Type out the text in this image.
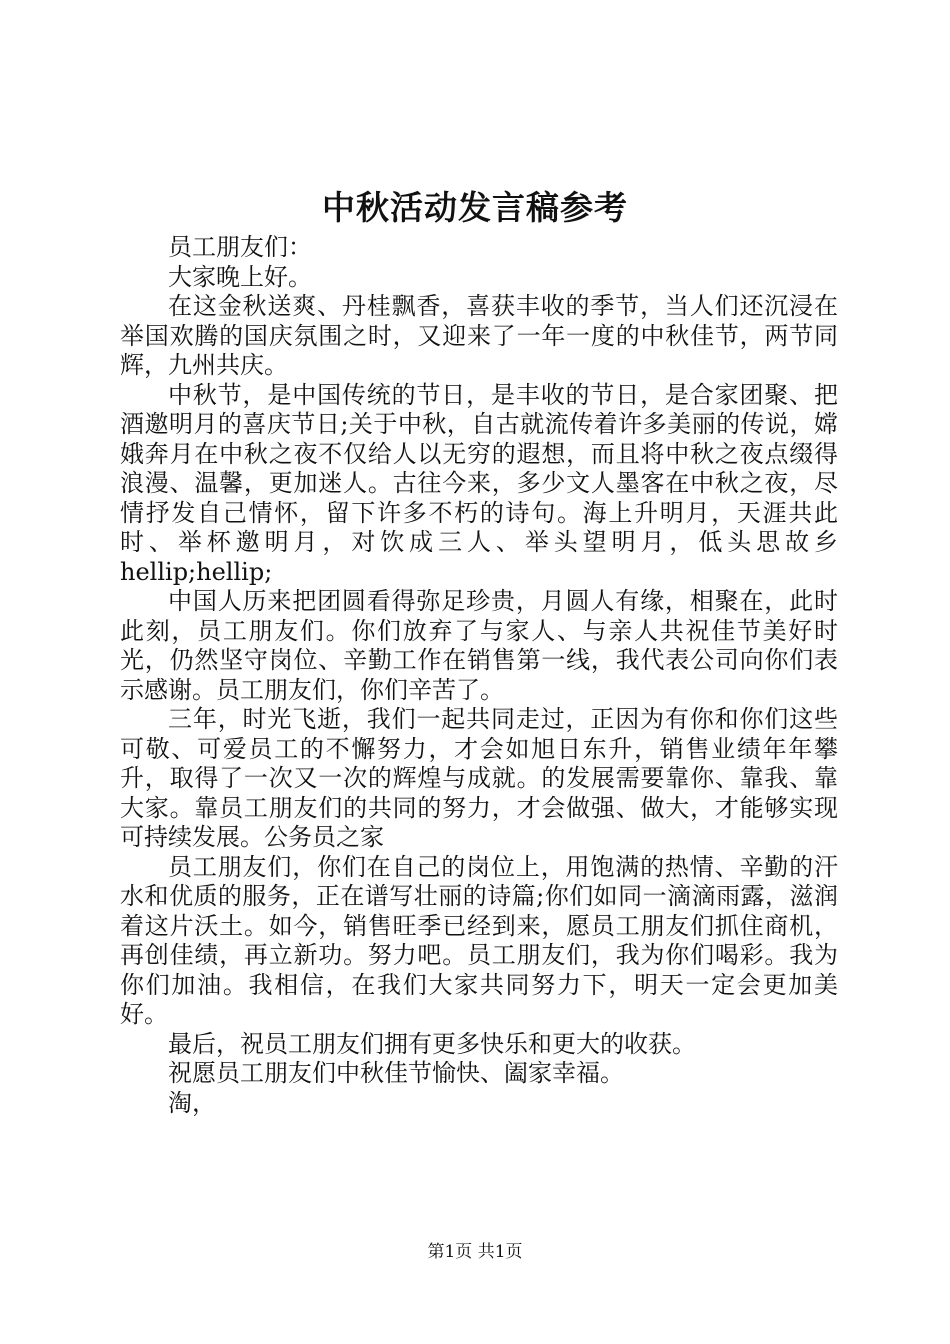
中秋活动发言稿参考

员工朋友们：

大家晚上好。

在这金秋送爽、丹桂飘香，喜获丰收的季节，当人们还沉浸在举国欢腾的国庆氛围之时，又迎来了一年一度的中秋佳节，两节同辉，九州共庆。

中秋节，是中国传统的节日，是丰收的节日，是合家团聚、把酒邀明月的喜庆节日;关于中秋，自古就流传着许多美丽的传说，嫦娥奔月在中秋之夜不仅给人以无穷的遐想，而且将中秋之夜点缀得浪漫、温馨，更加迷人。古往今来，多少文人墨客在中秋之夜，尽情抒发自己情怀，留下许多不朽的诗句。海上升明月，天涯共此时、举杯邀明月，对饮成三人、举头望明月，低头思故乡hellip;hellip;

中国人历来把团圆看得弥足珍贵，月圆人有缘，相聚在，此时此刻，员工朋友们。你们放弃了与家人、与亲人共祝佳节美好时光，仍然坚守岗位、辛勤工作在销售第一线，我代表公司向你们表示感谢。员工朋友们，你们辛苦了。

三年，时光飞逝，我们一起共同走过，正因为有你和你们这些可敬、可爱员工的不懈努力，才会如旭日东升，销售业绩年年攀升，取得了一次又一次的辉煌与成就。的发展需要靠你、靠我、靠大家。靠员工朋友们的共同的努力，才会做强、做大，才能够实现可持续发展。公务员之家

员工朋友们，你们在自己的岗位上，用饱满的热情、辛勤的汗水和优质的服务，正在谱写壮丽的诗篇;你们如同一滴滴雨露，滋润着这片沃土。如今，销售旺季已经到来，愿员工朋友们抓住商机，再创佳绩，再立新功。努力吧。员工朋友们，我为你们喝彩。我为你们加油。我相信，在我们大家共同努力下，明天一定会更加美好。

最后，祝员工朋友们拥有更多快乐和更大的收获。

祝愿员工朋友们中秋佳节愉快、阖家幸福。

淘，

第1页 共1页
